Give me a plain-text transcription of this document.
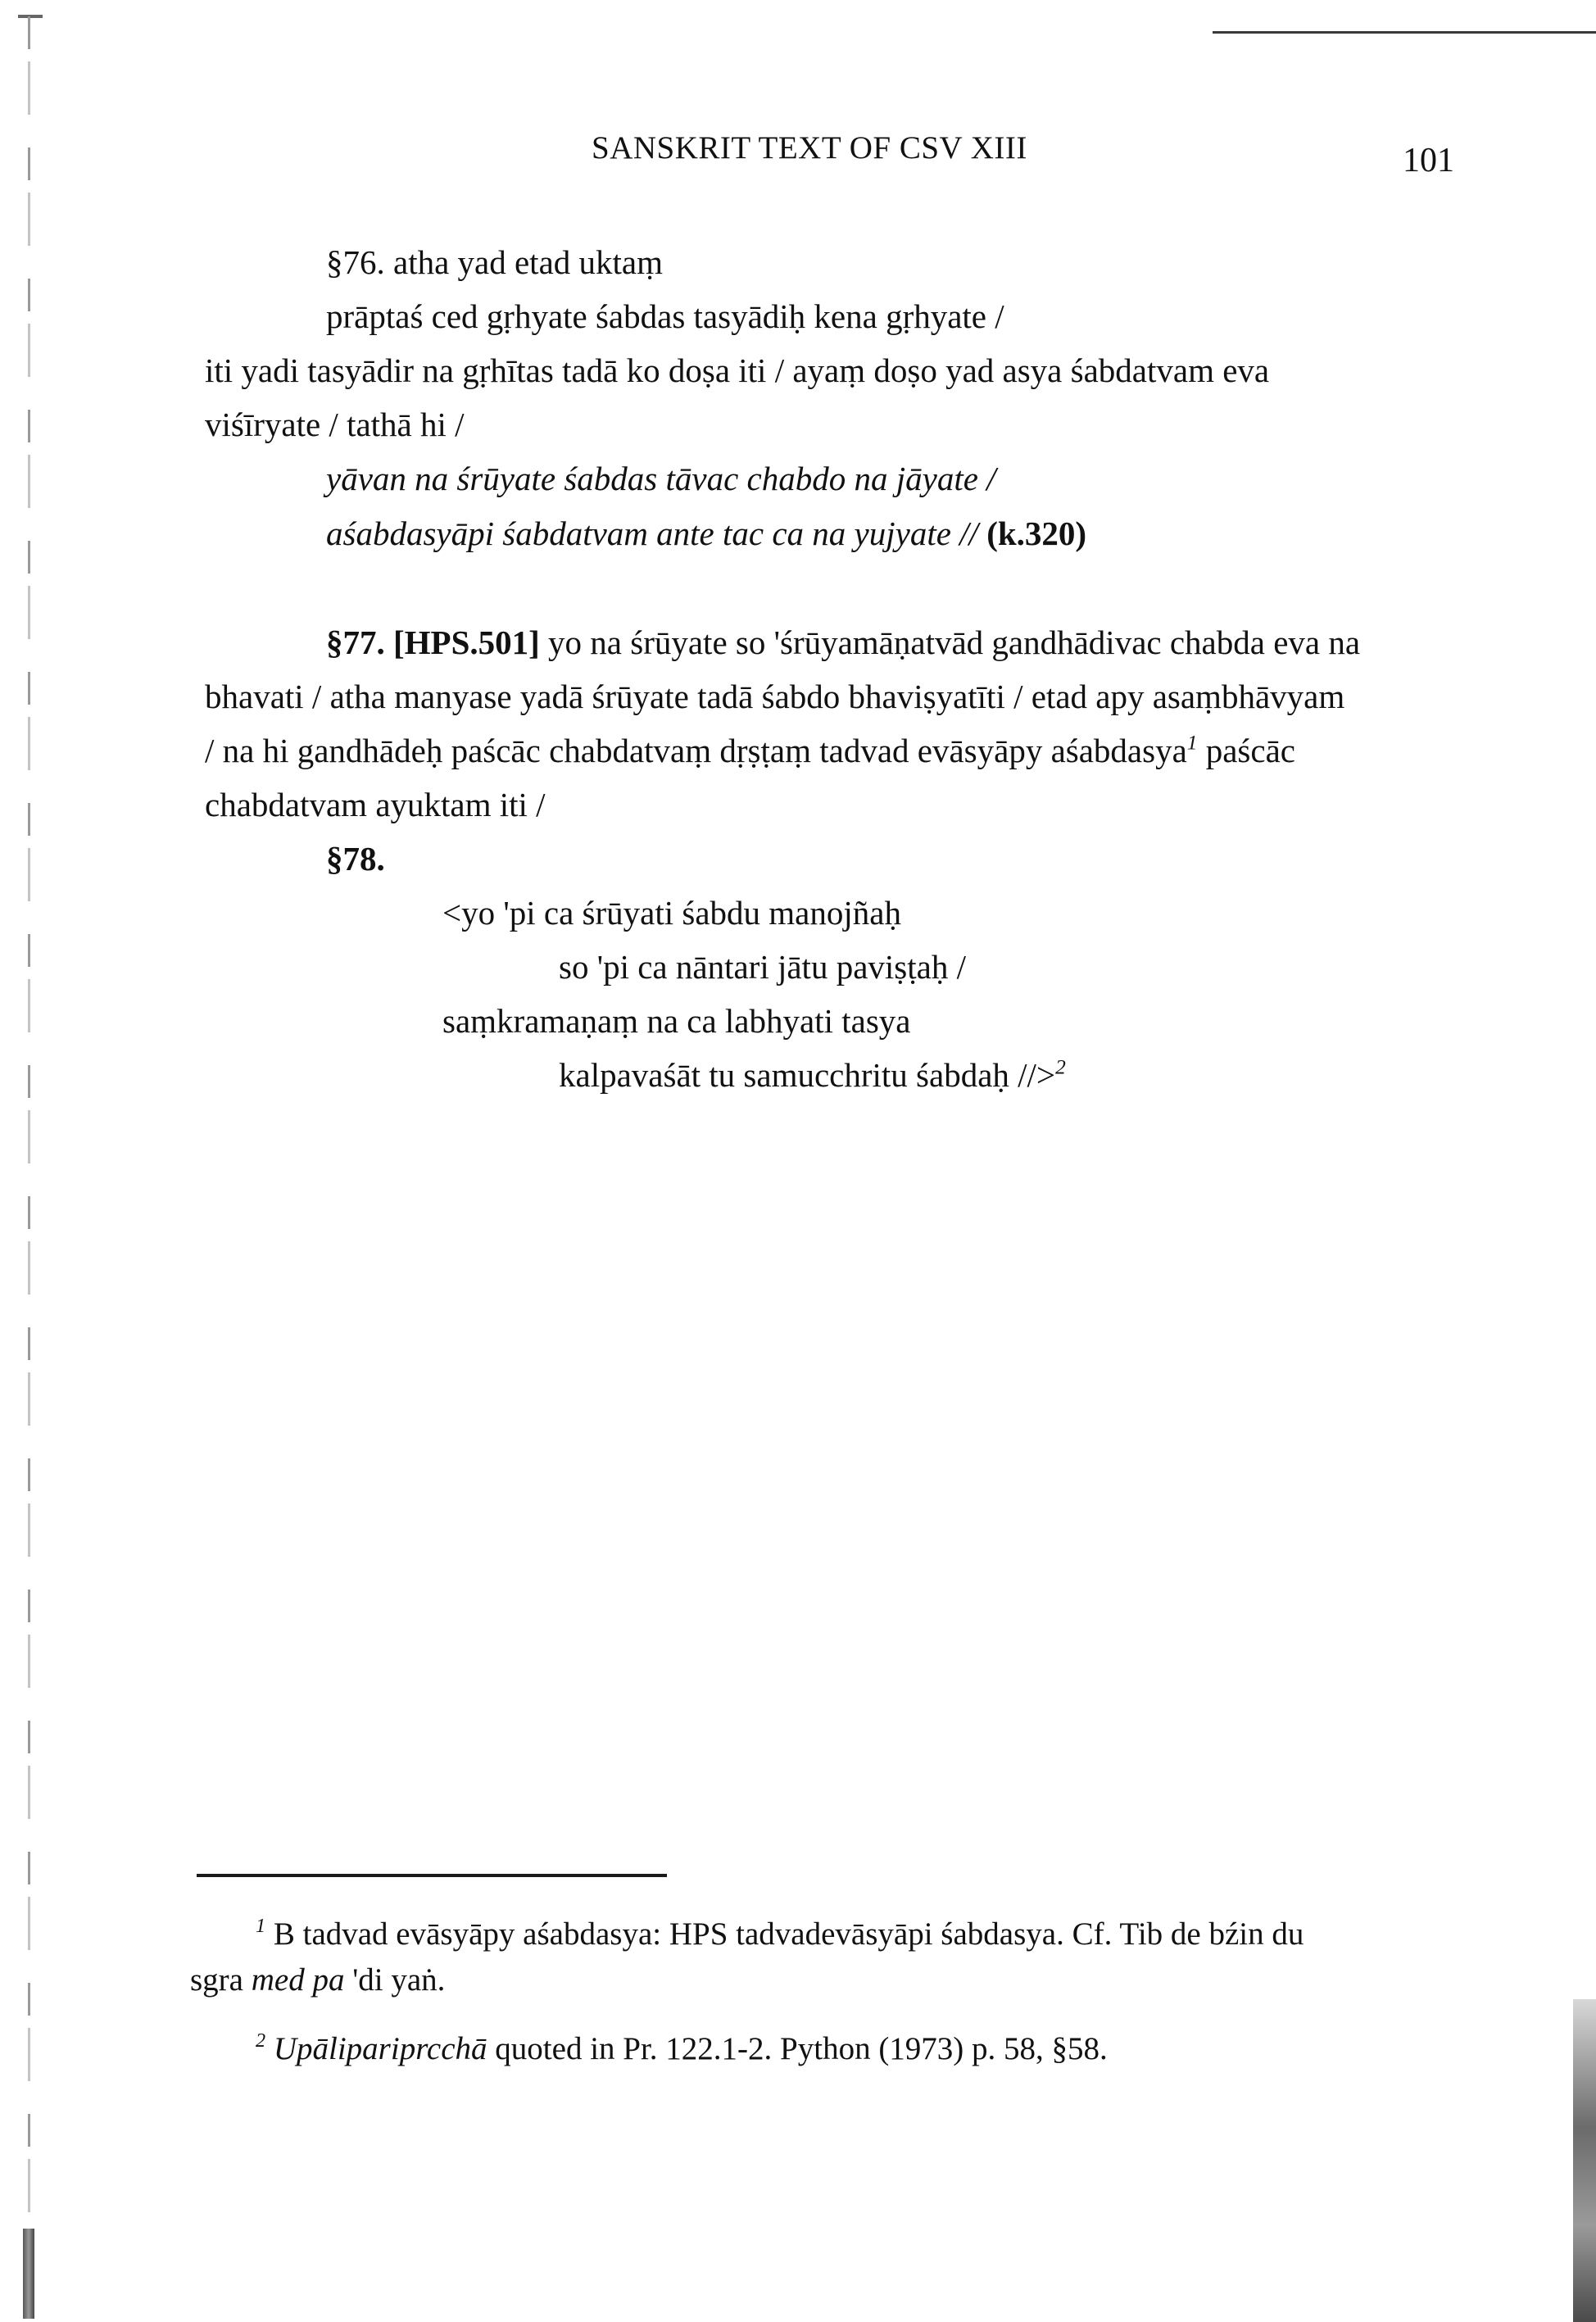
SANSKRIT TEXT OF CSV XIII	101
§76. atha yad etad uktaṃ
prāptaś ced gṛhyate śabdas tasyādiḥ kena gṛhyate /
iti yadi tasyādir na gṛhītas tadā ko doṣa iti / ayaṃ doṣo yad asya śabdatvam eva
viśīryate / tathā hi /
yāvan na śrūyate śabdas tāvac chabdo na jāyate /
aśabdasyāpi śabdatvam ante tac ca na yujyate // (k.320)
§77. [HPS.501] yo na śrūyate so 'śrūyamāṇatvād gandhādivac chabda eva na
bhavati / atha manyase yadā śrūyate tadā śabdo bhaviṣyatīti / etad apy asaṃbhāvyam
/ na hi gandhādeḥ paścāc chabdatvaṃ dṛṣṭaṃ tadvad evāsyāpy aśabdasya$^1$ paścāc
chabdatvam ayuktam iti /
§78.
<yo 'pi ca śrūyati śabdu manojñaḥ
so 'pi ca nāntari jātu paviṣṭaḥ /
saṃkramaṇaṃ na ca labhyati tasya
kalpavaśāt tu samucchritu śabdaḥ //>$^2$
$^1$ B tadvad evāsyāpy aśabdasya: HPS tadvadevāsyāpi śabdasya. Cf. Tib de bźin du
sgra med pa 'di yaṅ.
$^2$ Upālipariprcchā quoted in Pr. 122.1-2. Python (1973) p. 58, §58.
